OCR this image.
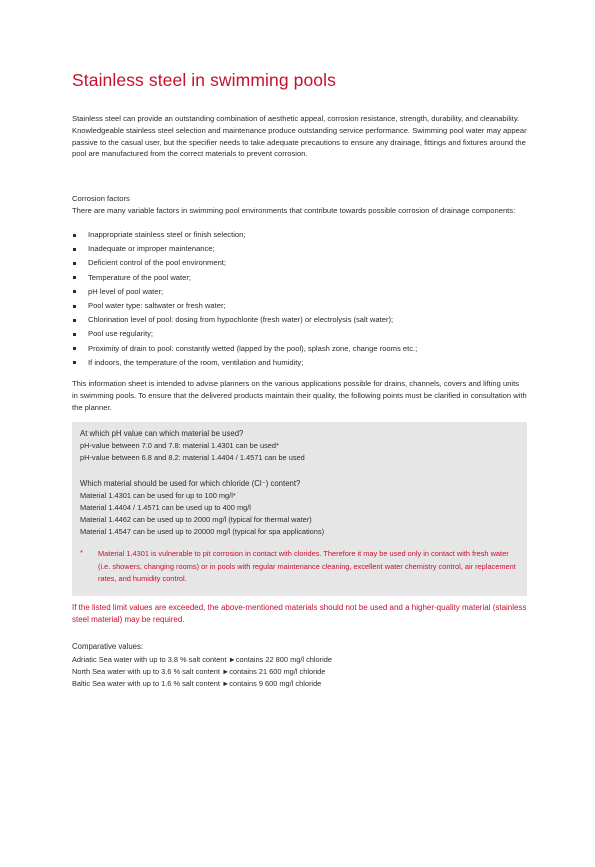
Stainless steel in swimming pools

Stainless steel can provide an outstanding combination of aesthetic appeal, corrosion resistance, strength, durability, and cleanability. Knowledgeable stainless steel selection and maintenance produce outstanding service performance. Swimming pool water may appear passive to the casual user, but the specifier needs to take adequate precautions to ensure any drainage, fittings and fixtures around the pool are manufactured from the correct materials to prevent corrosion.

Corrosion factors
There are many variable factors in swimming pool environments that contribute towards possible corrosion of drainage components:
Inappropriate stainless steel or finish selection;
Inadequate or improper maintenance;
Deficient control of the pool environment;
Temperature of the pool water;
pH level of pool water;
Pool water type: saltwater or fresh water;
Chlorination level of pool: dosing from hypochlorite (fresh water) or electrolysis (salt water);
Pool use regularity;
Proximity of drain to pool: constantly wetted (lapped by the pool), splash zone, change rooms etc.;
If indoors, the temperature of the room, ventilation and humidity;

This information sheet is intended to advise planners on the various applications possible for drains, channels, covers and lifting units in swimming pools. To ensure that the delivered products maintain their quality, the following points must be clarified in consultation with the planner.

At which pH value can which material be used?
pH-value between 7.0 and 7.8: material 1.4301 can be used*
pH-value between 6.8 and 8.2: material 1.4404 / 1.4571 can be used
Which material should be used for which chloride (Cl⁻) content?
Material 1.4301 can be used for up to 100 mg/l*
Material 1.4404 / 1.4571 can be used up to 400 mg/l
Material 1.4462 can be used up to 2000 mg/l (typical for thermal water)
Material 1.4547 can be used up to 20000 mg/l (typical for spa applications)
* Material 1.4301 is vulnerable to pit corrosion in contact with clorides. Therefore it may be used only in contact with fresh water (i.e. showers, changing rooms) or in pools with regular maintenance cleaning, excellent water chemistry control, air replacement rates, and humidity control.

If the listed limit values are exceeded, the above-mentioned materials should not be used and a higher-quality material (stainless steel material) may be required.

Comparative values:
Adriatic Sea water with up to 3.8 % salt content ►contains 22 800 mg/l chloride
North Sea water with up to 3.6 % salt content ►contains 21 600 mg/l chloride
Baltic Sea water with up to 1.6 % salt content ►contains 9 600 mg/l chloride
